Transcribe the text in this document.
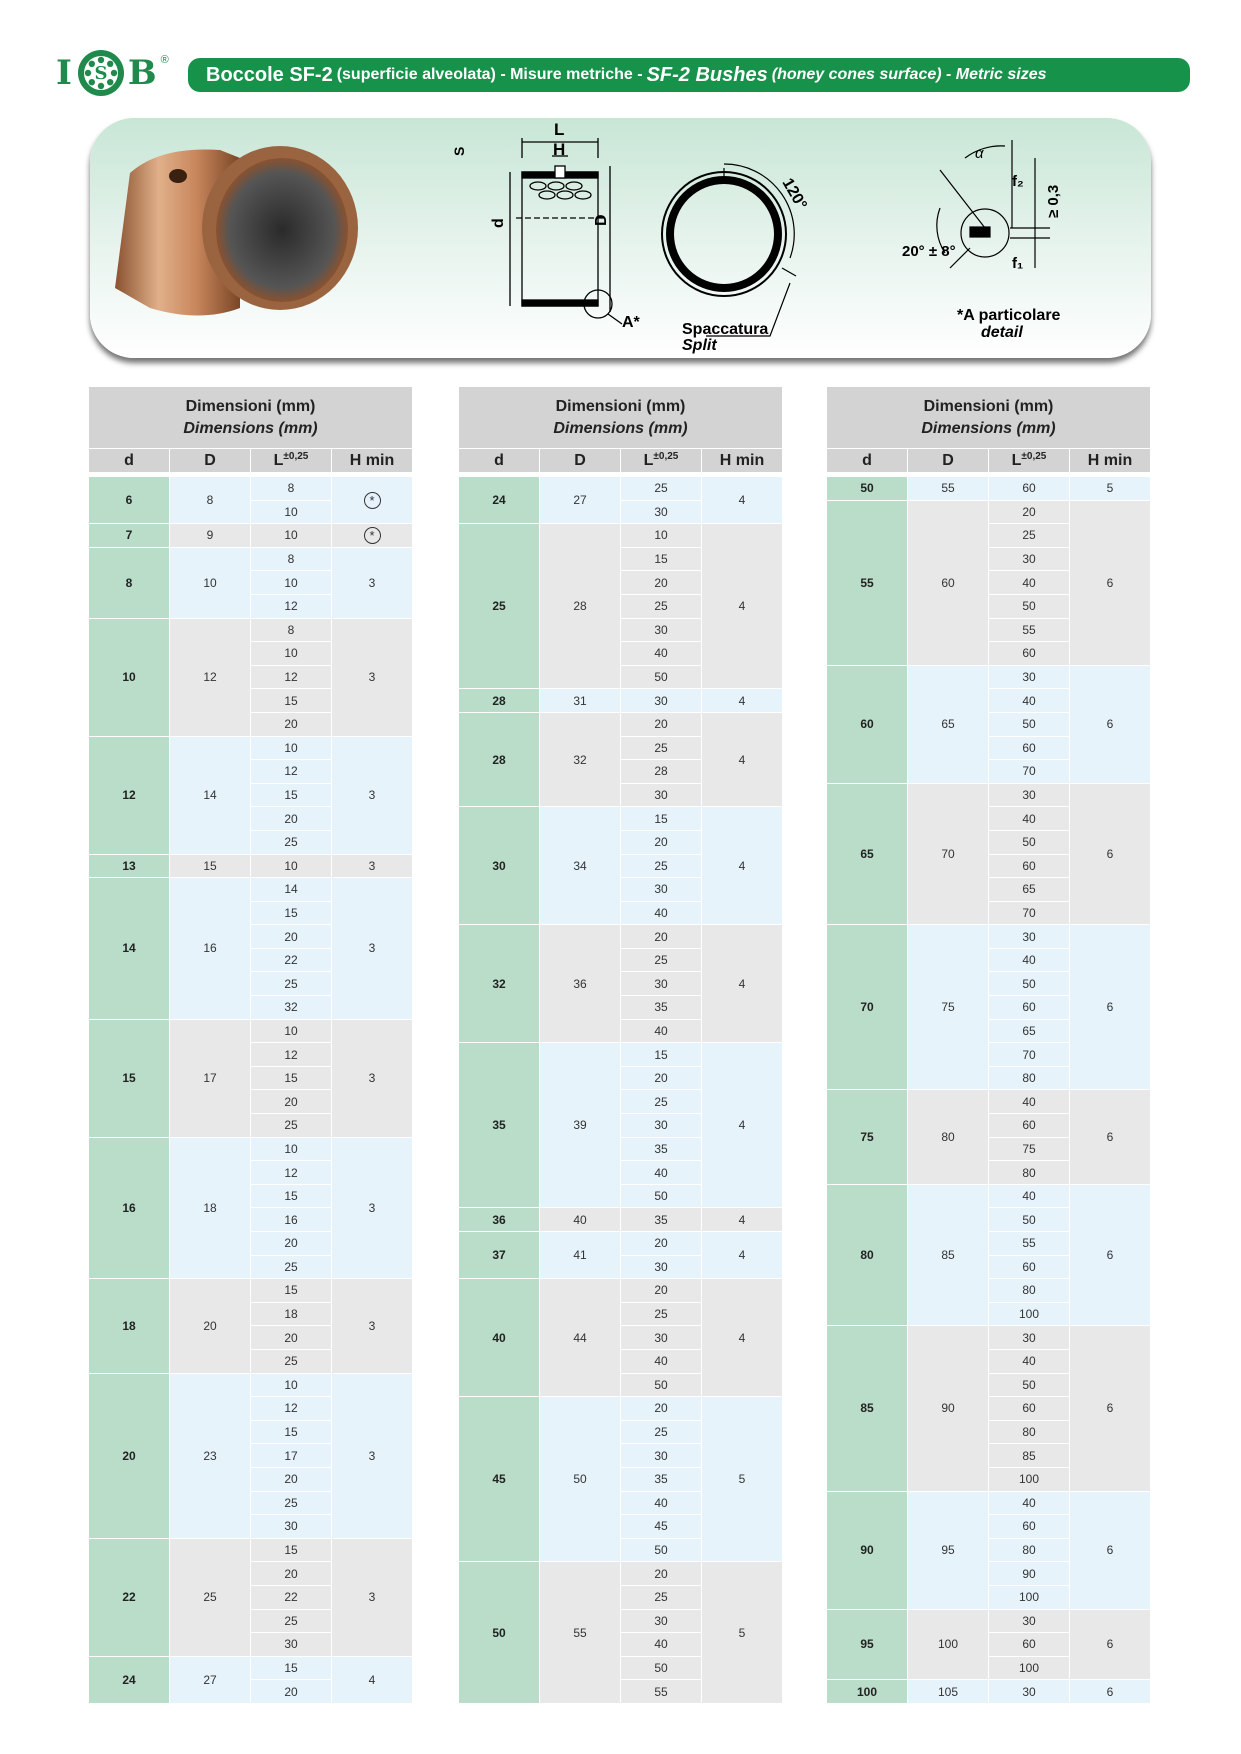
I S B ®
Boccole SF-2 (superficie alveolata) - Misure metriche - SF-2 Bushes (honey cones surface) - Metric sizes
L
H
S
d	D
A*
120°
Spaccatura
Split
α
f₂
f₁
≥ 0,3
20° ± 8°
*A particolare
detail
Dimensioni (mm)
Dimensions (mm)			

d	D	$L^{\pm 0,25}$	H min

6	8	8	*
		10	
7	9	10	*
8	10	8	3
		10	
		12	
10	12	8	3
		10	
		12	
		15	
		20	
12	14	10	3
		12	
		15	
		20	
		25	
13	15	10	3
14	16	14	3
		15	
		20	
		22	
		25	
		32	
15	17	10	3
		12	
		15	
		20	
		25	
16	18	10	3
		12	
		15	
		16	
		20	
		25	
18	20	15	3
		18	
		20	
		25	
20	23	10	3
		12	
		15	
		17	
		20	
		25	
		30	
22	25	15	3
		20	
		22	
		25	
		30	
24	27	15	4
		20	
Dimensioni (mm)
Dimensions (mm)			

d	D	$L^{\pm 0,25}$	H min

24	27	25	4
		30	
25	28	10	4
		15	
		20	
		25	
		30	
		40	
		50	
28	31	30	4
28	32	20	4
		25	
		28	
		30	
30	34	15	4
		20	
		25	
		30	
		40	
32	36	20	4
		25	
		30	
		35	
		40	
35	39	15	4
		20	
		25	
		30	
		35	
		40	
		50	
36	40	35	4
37	41	20	4
		30	
40	44	20	4
		25	
		30	
		40	
		50	
45	50	20	5
		25	
		30	
		35	
		40	
		45	
		50	
50	55	20	5
		25	
		30	
		40	
		50	
		55	
Dimensioni (mm)
Dimensions (mm)			

d	D	$L^{\pm 0,25}$	H min

50	55	60	5
55	60	20	6
		25	
		30	
		40	
		50	
		55	
		60	
60	65	30	6
		40	
		50	
		60	
		70	
65	70	30	6
		40	
		50	
		60	
		65	
		70	
70	75	30	6
		40	
		50	
		60	
		65	
		70	
		80	
75	80	40	6
		60	
		75	
		80	
80	85	40	6
		50	
		55	
		60	
		80	
		100	
85	90	30	6
		40	
		50	
		60	
		80	
		85	
		100	
90	95	40	6
		60	
		80	
		90	
		100	
95	100	30	6
		60	
		100	
100	105	30	6
